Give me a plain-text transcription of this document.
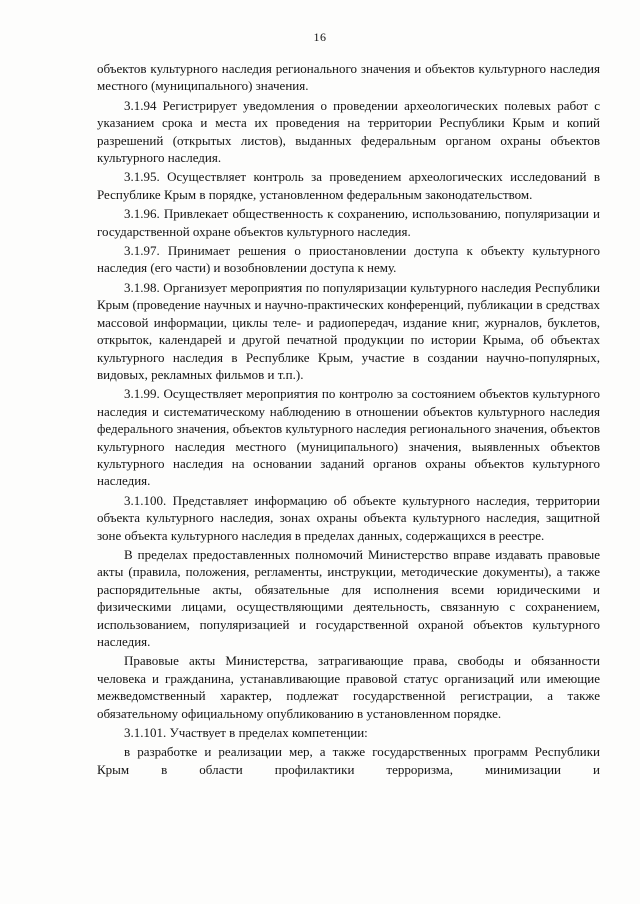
16

объектов культурного наследия регионального значения и объектов культурного наследия местного (муниципального) значения.

3.1.94 Регистрирует уведомления о проведении археологических полевых работ с указанием срока и места их проведения на территории Республики Крым и копий разрешений (открытых листов), выданных федеральным органом охраны объектов культурного наследия.

3.1.95. Осуществляет контроль за проведением археологических исследований в Республике Крым в порядке, установленном федеральным законодательством.

3.1.96. Привлекает общественность к сохранению, использованию, популяризации и государственной охране объектов культурного наследия.

3.1.97. Принимает решения о приостановлении доступа к объекту культурного наследия (его части) и возобновлении доступа к нему.

3.1.98. Организует мероприятия по популяризации культурного наследия Республики Крым (проведение научных и научно-практических конференций, публикации в средствах массовой информации, циклы теле- и радиопередач, издание книг, журналов, буклетов, открыток, календарей и другой печатной продукции по истории Крыма, об объектах культурного наследия в Республике Крым, участие в создании научно-популярных, видовых, рекламных фильмов и т.п.).

3.1.99. Осуществляет мероприятия по контролю за состоянием объектов культурного наследия и систематическому наблюдению в отношении объектов культурного наследия федерального значения, объектов культурного наследия регионального значения, объектов культурного наследия местного (муниципального) значения, выявленных объектов культурного наследия на основании заданий органов охраны объектов культурного наследия.

3.1.100. Представляет информацию об объекте культурного наследия, территории объекта культурного наследия, зонах охраны объекта культурного наследия, защитной зоне объекта культурного наследия в пределах данных, содержащихся в реестре.

В пределах предоставленных полномочий Министерство вправе издавать правовые акты (правила, положения, регламенты, инструкции, методические документы), а также распорядительные акты, обязательные для исполнения всеми юридическими и физическими лицами, осуществляющими деятельность, связанную с сохранением, использованием, популяризацией и государственной охраной объектов культурного наследия.

Правовые акты Министерства, затрагивающие права, свободы и обязанности человека и гражданина, устанавливающие правовой статус организаций или имеющие межведомственный характер, подлежат государственной регистрации, а также обязательному официальному опубликованию в установленном порядке.

3.1.101. Участвует в пределах компетенции:

в разработке и реализации мер, а также государственных программ Республики Крым в области профилактики терроризма, минимизации и
